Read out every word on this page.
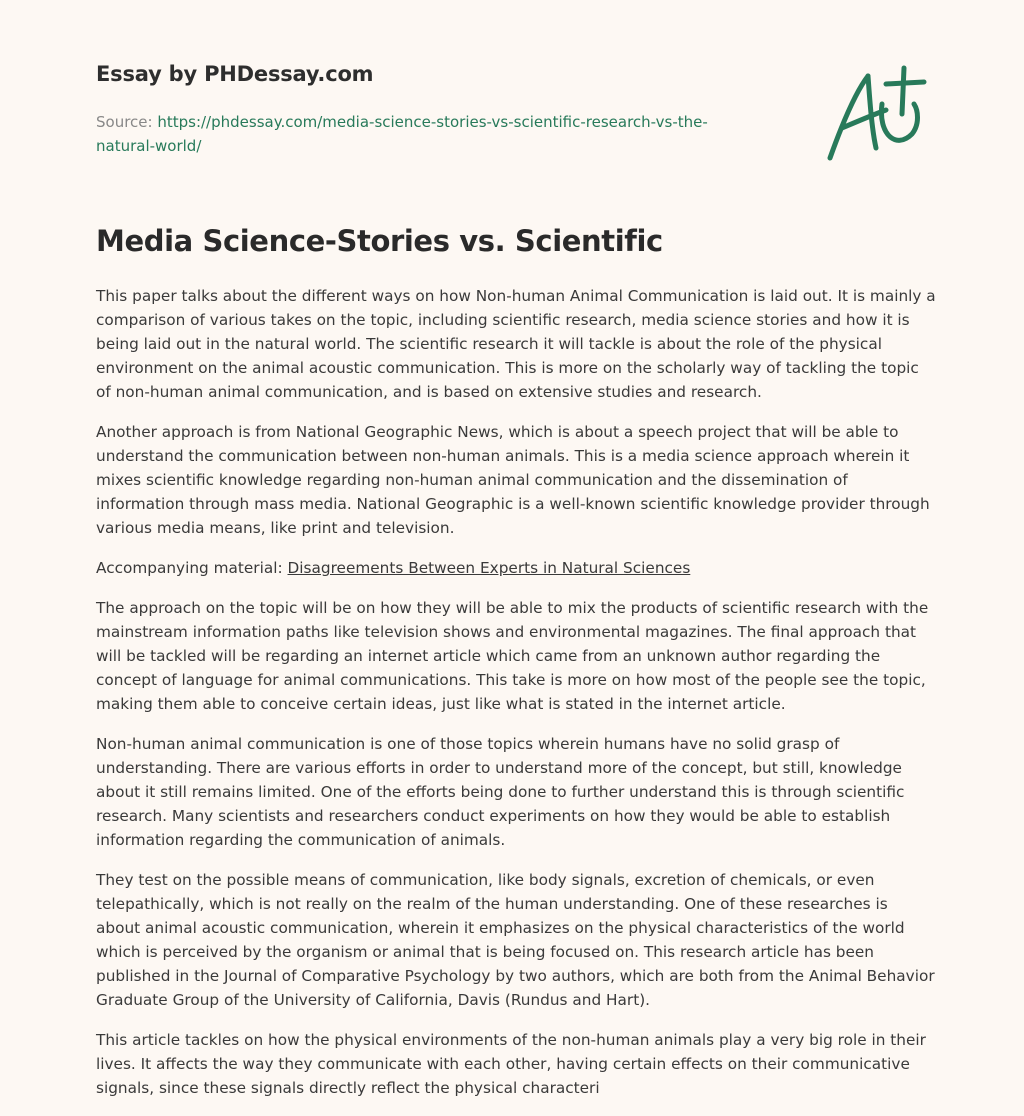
Essay by PHDessay.com
Source: https://phdessay.com/media-science-stories-vs-scientific-research-vs-the-
natural-world/
Media Science-Stories vs. Scientific

This paper talks about the different ways on how Non-human Animal Communication is laid out. It is mainly a comparison of various takes on the topic, including scientific research, media science stories and how it is being laid out in the natural world. The scientific research it will tackle is about the role of the physical environment on the animal acoustic communication. This is more on the scholarly way of tackling the topic of non-human animal communication, and is based on extensive studies and research.

Another approach is from National Geographic News, which is about a speech project that will be able to understand the communication between non-human animals. This is a media science approach wherein it mixes scientific knowledge regarding non-human animal communication and the dissemination of information through mass media. National Geographic is a well-known scientific knowledge provider through various media means, like print and television.

Accompanying material: Disagreements Between Experts in Natural Sciences

The approach on the topic will be on how they will be able to mix the products of scientific research with the mainstream information paths like television shows and environmental magazines. The final approach that will be tackled will be regarding an internet article which came from an unknown author regarding the concept of language for animal communications. This take is more on how most of the people see the topic, making them able to conceive certain ideas, just like what is stated in the internet article.

Non-human animal communication is one of those topics wherein humans have no solid grasp of understanding. There are various efforts in order to understand more of the concept, but still, knowledge about it still remains limited. One of the efforts being done to further understand this is through scientific research. Many scientists and researchers conduct experiments on how they would be able to establish information regarding the communication of animals.

They test on the possible means of communication, like body signals, excretion of chemicals, or even telepathically, which is not really on the realm of the human understanding. One of these researches is about animal acoustic communication, wherein it emphasizes on the physical characteristics of the world which is perceived by the organism or animal that is being focused on. This research article has been published in the Journal of Comparative Psychology by two authors, which are both from the Animal Behavior Graduate Group of the University of California, Davis (Rundus and Hart).

This article tackles on how the physical environments of the non-human animals play a very big role in their lives. It affects the way they communicate with each other, having certain effects on their communicative signals, since these signals directly reflect the physical characteri
